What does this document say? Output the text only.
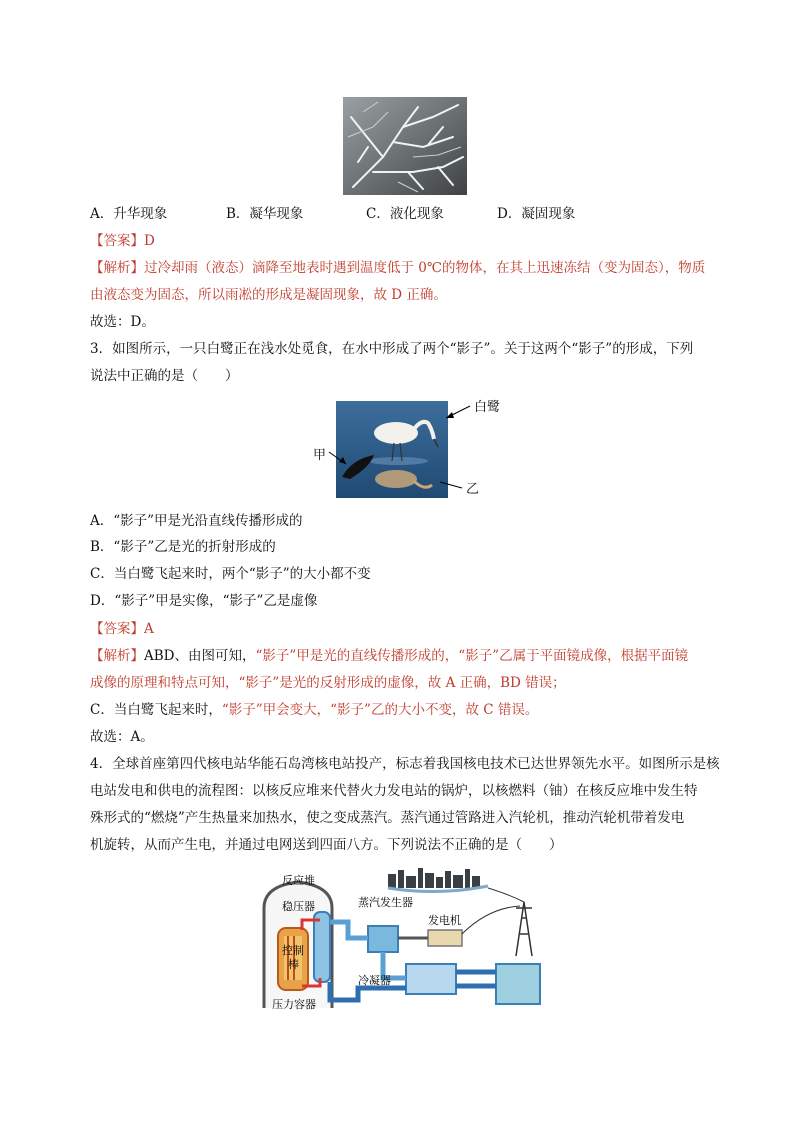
A．升华现象	B．凝华现象	C．液化现象	D．凝固现象
【答案】D
【解析】过冷却雨（液态）滴降至地表时遇到温度低于 0℃的物体，在其上迅速冻结（变为固态），物质
由液态变为固态，所以雨凇的形成是凝固现象，故 D 正确。
故选：D。
3．如图所示，一只白鹭正在浅水处觅食，在水中形成了两个“影子”。关于这两个“影子”的形成，下列
说法中正确的是（　　）
白鹭
甲
乙
A．“影子”甲是光沿直线传播形成的
B．“影子”乙是光的折射形成的
C．当白鹭飞起来时，两个“影子”的大小都不变
D．“影子”甲是实像，“影子”乙是虚像
【答案】A
【解析】ABD、由图可知，“影子”甲是光的直线传播形成的，“影子”乙属于平面镜成像，根据平面镜
成像的原理和特点可知，“影子”是光的反射形成的虚像，故 A 正确，BD 错误；
C．当白鹭飞起来时，“影子”甲会变大，“影子”乙的大小不变，故 C 错误。
故选：A。
4．全球首座第四代核电站华能石岛湾核电站投产，标志着我国核电技术已达世界领先水平。如图所示是核
电站发电和供电的流程图：以核反应堆来代替火力发电站的锅炉，以核燃料（铀）在核反应堆中发生特
殊形式的“燃烧”产生热量来加热水，使之变成蒸汽。蒸汽通过管路进入汽轮机，推动汽轮机带着发电
机旋转，从而产生电，并通过电网送到四面八方。下列说法不正确的是（　　）
反应堆
稳压器	蒸汽发生器
发电机
控制
棒
冷凝器
压力容器
